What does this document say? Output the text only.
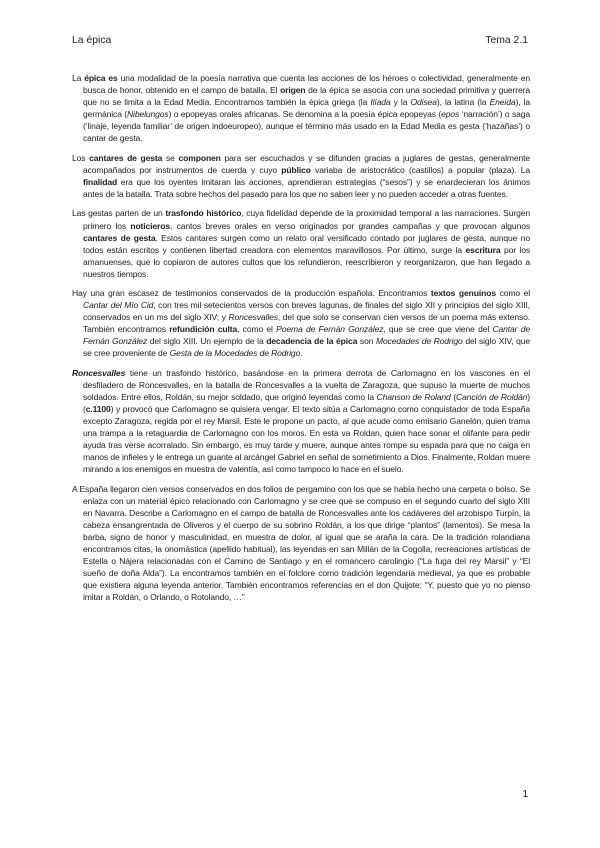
La épica	Tema 2.1

La épica es una modalidad de la poesía narrativa que cuenta las acciones de los héroes o colectividad, generalmente en busca de honor, obtenido en el campo de batalla. El origen de la épica se asocia con una sociedad primitiva y guerrera que no se limita a la Edad Media. Encontramos también la épica griega (la Ilíada y la Odisea), la latina (la Eneida), la germánica (Nibelungos) o epopeyas orales africanas. Se denomina a la poesía épica epopeyas (epos ‘narración’) o saga (‘linaje, leyenda familiar’ de origen indoeuropeo), aunque el término más usado en la Edad Media es gesta (‘hazañas’) o cantar de gesta.

Los cantares de gesta se componen para ser escuchados y se difunden gracias a juglares de gestas, generalmente acompañados por instrumentos de cuerda y cuyo público variaba de aristocrático (castillos) a popular (plaza). La finalidad era que los oyentes imitaran las acciones, aprendieran estrategias (“sesos”) y se enardecieran los ánimos antes de la batalla. Trata sobre hechos del pasado para los que no saben leer y no pueden acceder a otras fuentes.

Las gestas parten de un trasfondo histórico, cuya fidelidad depende de la proximidad temporal a las narraciones. Surgen primero los noticieros, cantos breves orales en verso originados por grandes campañas y que provocan algunos cantares de gesta. Estos cantares surgen como un relato oral versificado contado por juglares de gesta, aunque no todos están escritos y contienen libertad creadora con elementos maravillosos. Por último, surge la escritura por los amanuenses, que lo copiaron de autores cultos que los refundieron, reescribieron y reorganizaron, que han llegado a nuestros tiempos.

Hay una gran escasez de testimonios conservados de la producción española. Encontramos textos genuinos como el Cantar del Mío Cid, con tres mil setecientos versos con breves lagunas, de finales del siglo XII y principios del siglo XIII, conservados en un ms del siglo XIV; y Roncesvalles, del que solo se conservan cien versos de un poema más extenso. También encontramos refundición culta, como el Poema de Fernán González, que se cree que viene del Cantar de Fernán González del siglo XIII. Un ejemplo de la decadencia de la épica son Mocedades de Rodrigo del siglo XIV, que se cree proveniente de Gesta de la Mocedades de Rodrigo.

Roncesvalles tiene un trasfondo histórico, basándose en la primera derrota de Carlomagno en los vascones en el desfiladero de Roncesvalles, en la batalla de Roncesvalles a la vuelta de Zaragoza, que supuso la muerte de muchos soldados. Entre ellos, Roldán, su mejor soldado, que originó leyendas como la Chanson de Roland (Canción de Roldán) (c.1100) y provocó que Carlomagno se quisiera vengar. El texto sitúa a Carlomagno como conquistador de toda España excepto Zaragoza, regida por el rey Marsil. Este le propone un pacto, al que acude como emisario Ganelón, quien trama una trampa a la retaguardia de Carlomagno con los moros. En esta va Roldan, quien hace sonar el olifante para pedir ayuda tras verse acorralado. Sin embargo, es muy tarde y muere, aunque antes rompe su espada para que no caiga en manos de infieles y le entrega un guante al arcángel Gabriel en señal de sometimiento a Dios. Finalmente, Roldan muere mirando a los enemigos en muestra de valentía, así como tampoco lo hace en el suelo.

A España llegaron cien versos conservados en dos folios de pergamino con los que se había hecho una carpeta o bolso. Se enlaza con un material épico relacionado con Carlomagno y se cree que se compuso en el segundo cuarto del siglo XIII en Navarra. Describe a Carlomagno en el campo de batalla de Roncesvalles ante los cadáveres del arzobispo Turpín, la cabeza ensangrentada de Oliveros y el cuerpo de su sobrino Roldán, a los que dirige “plantos” (lamentos). Se mesa la barba, signo de honor y masculinidad, en muestra de dolor, al igual que se araña la cara. De la tradición rolandiana encontramos citas, la onomástica (apellido habitual), las leyendas en san Millán de la Cogolla, recreaciones artísticas de Estella o Nájera relacionadas con el Camino de Santiago y en el romancero carolingio (“La fuga del rey Marsil” y “El sueño de doña Alda”). La encontramos también en el folclore como tradición legendaria medieval, ya que es probable que existiera alguna leyenda anterior. También encontramos referencias en el don Quijote: “Y, puesto que yo no pienso imitar a Roldán, o Orlando, o Rotolando, …”

1
